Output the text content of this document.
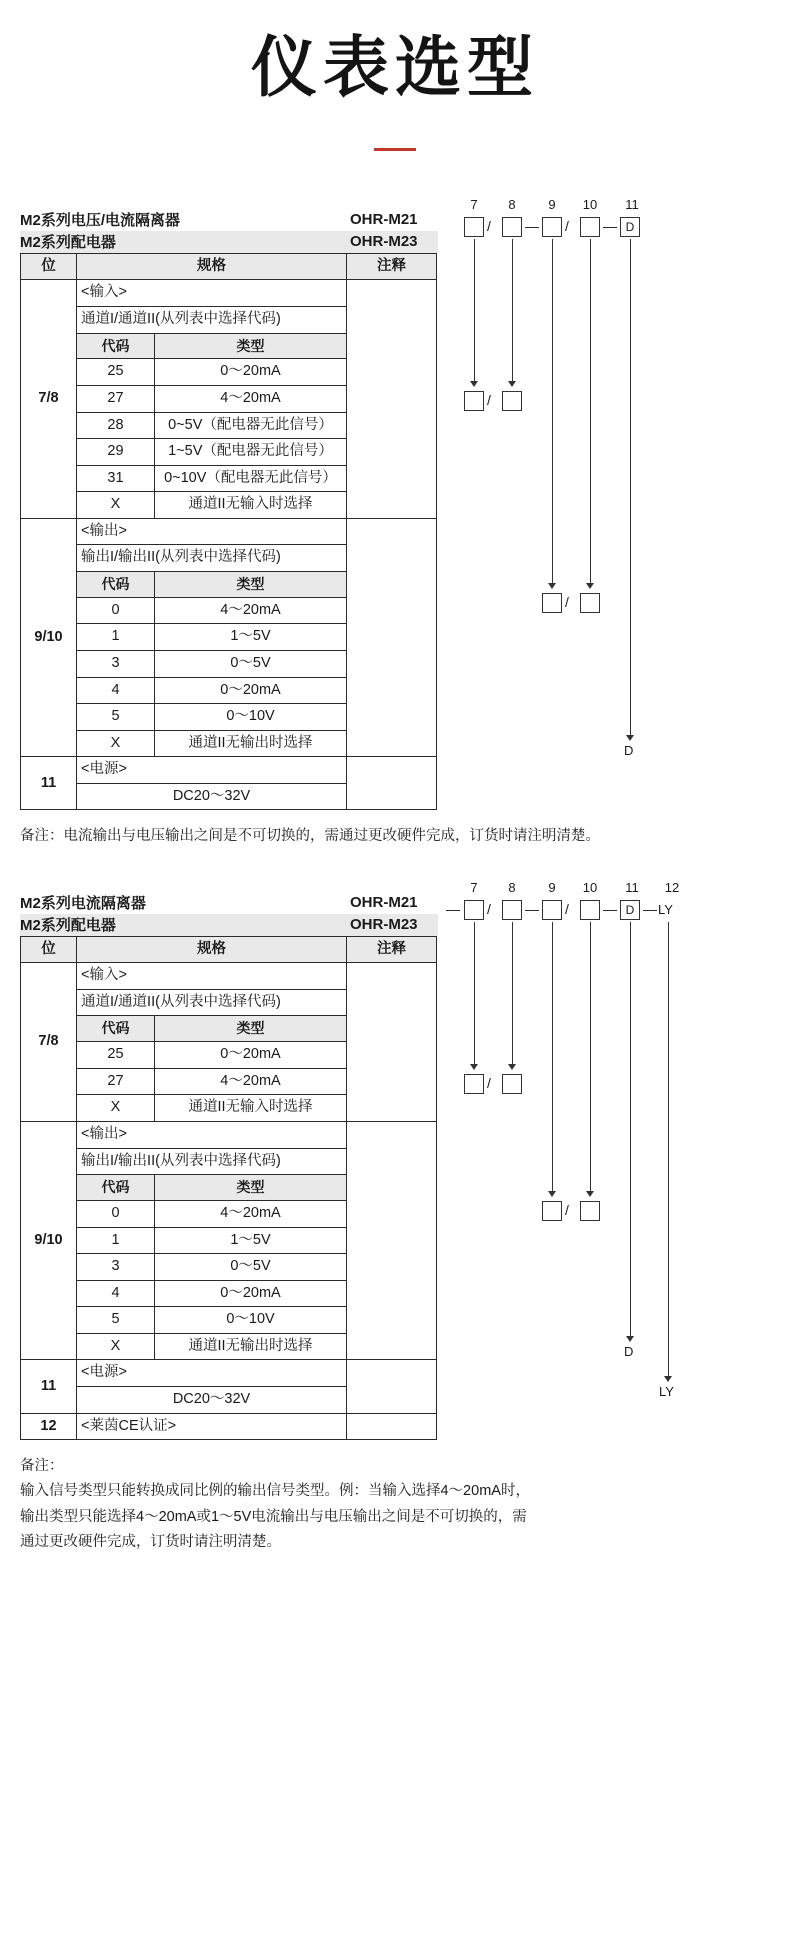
仪表选型
M2系列电压/电流隔离器	OHR-M21
M2系列配电器	OHR-M23
位	规格		注释
7/8	<输入>		
	通道I/通道II(从列表中选择代码)		
	代码	类型	
	25	0～20mA	
	27	4～20mA	
	28	0~5V（配电器无此信号）	
	29	1~5V（配电器无此信号）	
	31	0~10V（配电器无此信号）	
	X	通道II无输入时选择	
9/10	<输出>		
	输出I/输出II(从列表中选择代码)		
	代码	类型	
	0	4～20mA	
	1	1～5V	
	3	0～5V	
	4	0～20mA	
	5	0～10V	
	X	通道II无输出时选择	
11	<电源>		
	DC20～32V		
7	8	9	10	11
/ — / — D
/
/
D

备注：电流输出与电压输出之间是不可切换的，需通过更改硬件完成，订货时请注明清楚。

M2系列电流隔离器	OHR-M21
M2系列配电器	OHR-M23
位	规格		注释
7/8	<输入>		
	通道I/通道II(从列表中选择代码)		
	代码	类型	
	25	0～20mA	
	27	4～20mA	
	X	通道II无输入时选择	
9/10	<输出>		
	输出I/输出II(从列表中选择代码)		
	代码	类型	
	0	4～20mA	
	1	1～5V	
	3	0～5V	
	4	0～20mA	
	5	0～10V	
	X	通道II无输出时选择	
11	<电源>		
	DC20～32V		
12	<莱茵CE认证>		
7	8	9	10	11	12
— / — / — D — LY
/
/
D
LY

备注：

输入信号类型只能转换成同比例的输出信号类型。例：当输入选择4～20mA时，

输出类型只能选择4～20mA或1～5V电流输出与电压输出之间是不可切换的，需

通过更改硬件完成，订货时请注明清楚。
